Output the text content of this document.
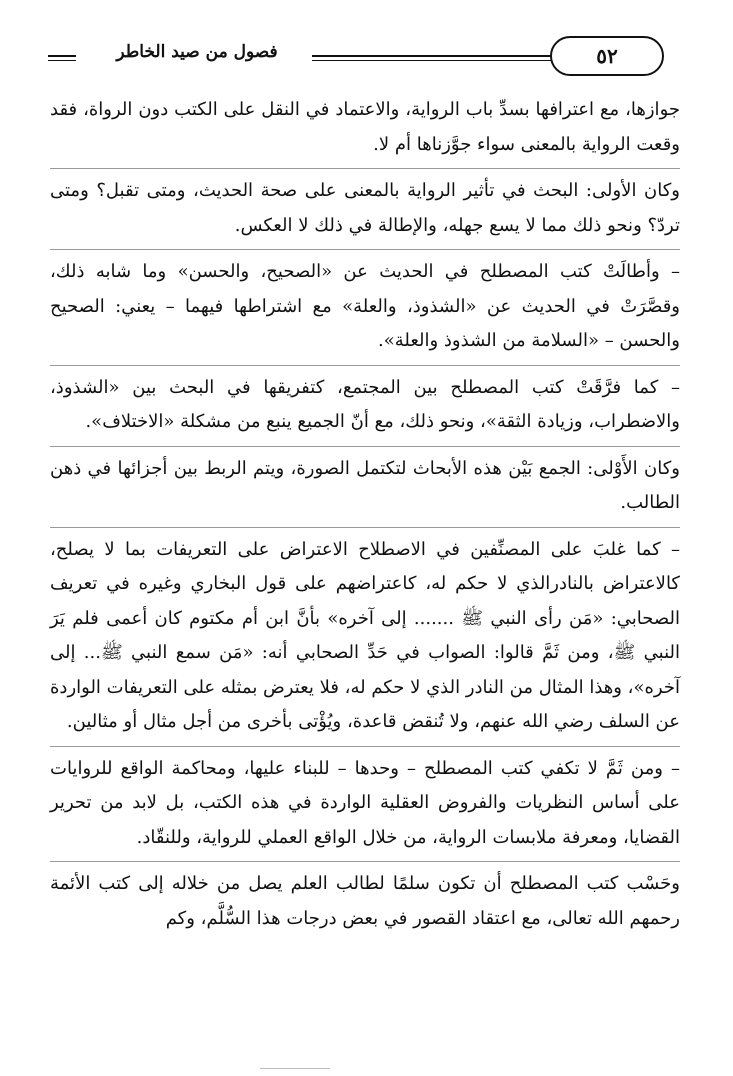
فصول من صيد الخاطر	٥٢

جوازها، مع اعترافها بسدِّ باب الرواية، والاعتماد في النقل على الكتب دون الرواة، فقد وقعت الرواية بالمعنى سواء جوَّزناها أم لا.

وكان الأولى: البحث في تأثير الرواية بالمعنى على صحة الحديث، ومتى تقبل؟ ومتى تردّ؟ ونحو ذلك مما لا يسع جهله، والإطالة في ذلك لا العكس.

– وأطالَتْ كتب المصطلح في الحديث عن «الصحيح، والحسن» وما شابه ذلك، وقصَّرَتْ في الحديث عن «الشذوذ، والعلة» مع اشتراطها فيهما – يعني: الصحيح والحسن – «السلامة من الشذوذ والعلة».

– كما فرَّقَتْ كتب المصطلح بين المجتمع، كتفريقها في البحث بين «الشذوذ، والاضطراب، وزيادة الثقة»، ونحو ذلك، مع أنّ الجميع ينبع من مشكلة «الاختلاف».

وكان الأَوْلى: الجمع بَيْن هذه الأبحاث لتكتمل الصورة، ويتم الربط بين أجزائها في ذهن الطالب.

– كما غلبَ على المصنِّفين في الاصطلاح الاعتراض على التعريفات بما لا يصلح، كالاعتراض بالنادرالذي لا حكم له، كاعتراضهم على قول البخاري وغيره في تعريف الصحابي: «مَن رأى النبي ﷺ ....... إلى آخره» بأنَّ ابن أم مكتوم كان أعمى فلم يَرَ النبي ﷺ، ومن ثَمَّ قالوا: الصواب في حَدِّ الصحابي أنه: «مَن سمع النبي ﷺ... إلى آخره»، وهذا المثال من النادر الذي لا حكم له، فلا يعترض بمثله على التعريفات الواردة عن السلف رضي الله عنهم، ولا تُنقض قاعدة، ويُؤْتى بأخرى من أجل مثال أو مثالين.

– ومن ثَمَّ لا تكفي كتب المصطلح – وحدها – للبناء عليها، ومحاكمة الواقع للروايات على أساس النظريات والفروض العقلية الواردة في هذه الكتب، بل لابد من تحرير القضايا، ومعرفة ملابسات الرواية، من خلال الواقع العملي للرواية، وللنقّاد.

وحَسْب كتب المصطلح أن تكون سلمًا لطالب العلم يصل من خلاله إلى كتب الأئمة رحمهم الله تعالى، مع اعتقاد القصور في بعض درجات هذا السُّلَّم، وكم
